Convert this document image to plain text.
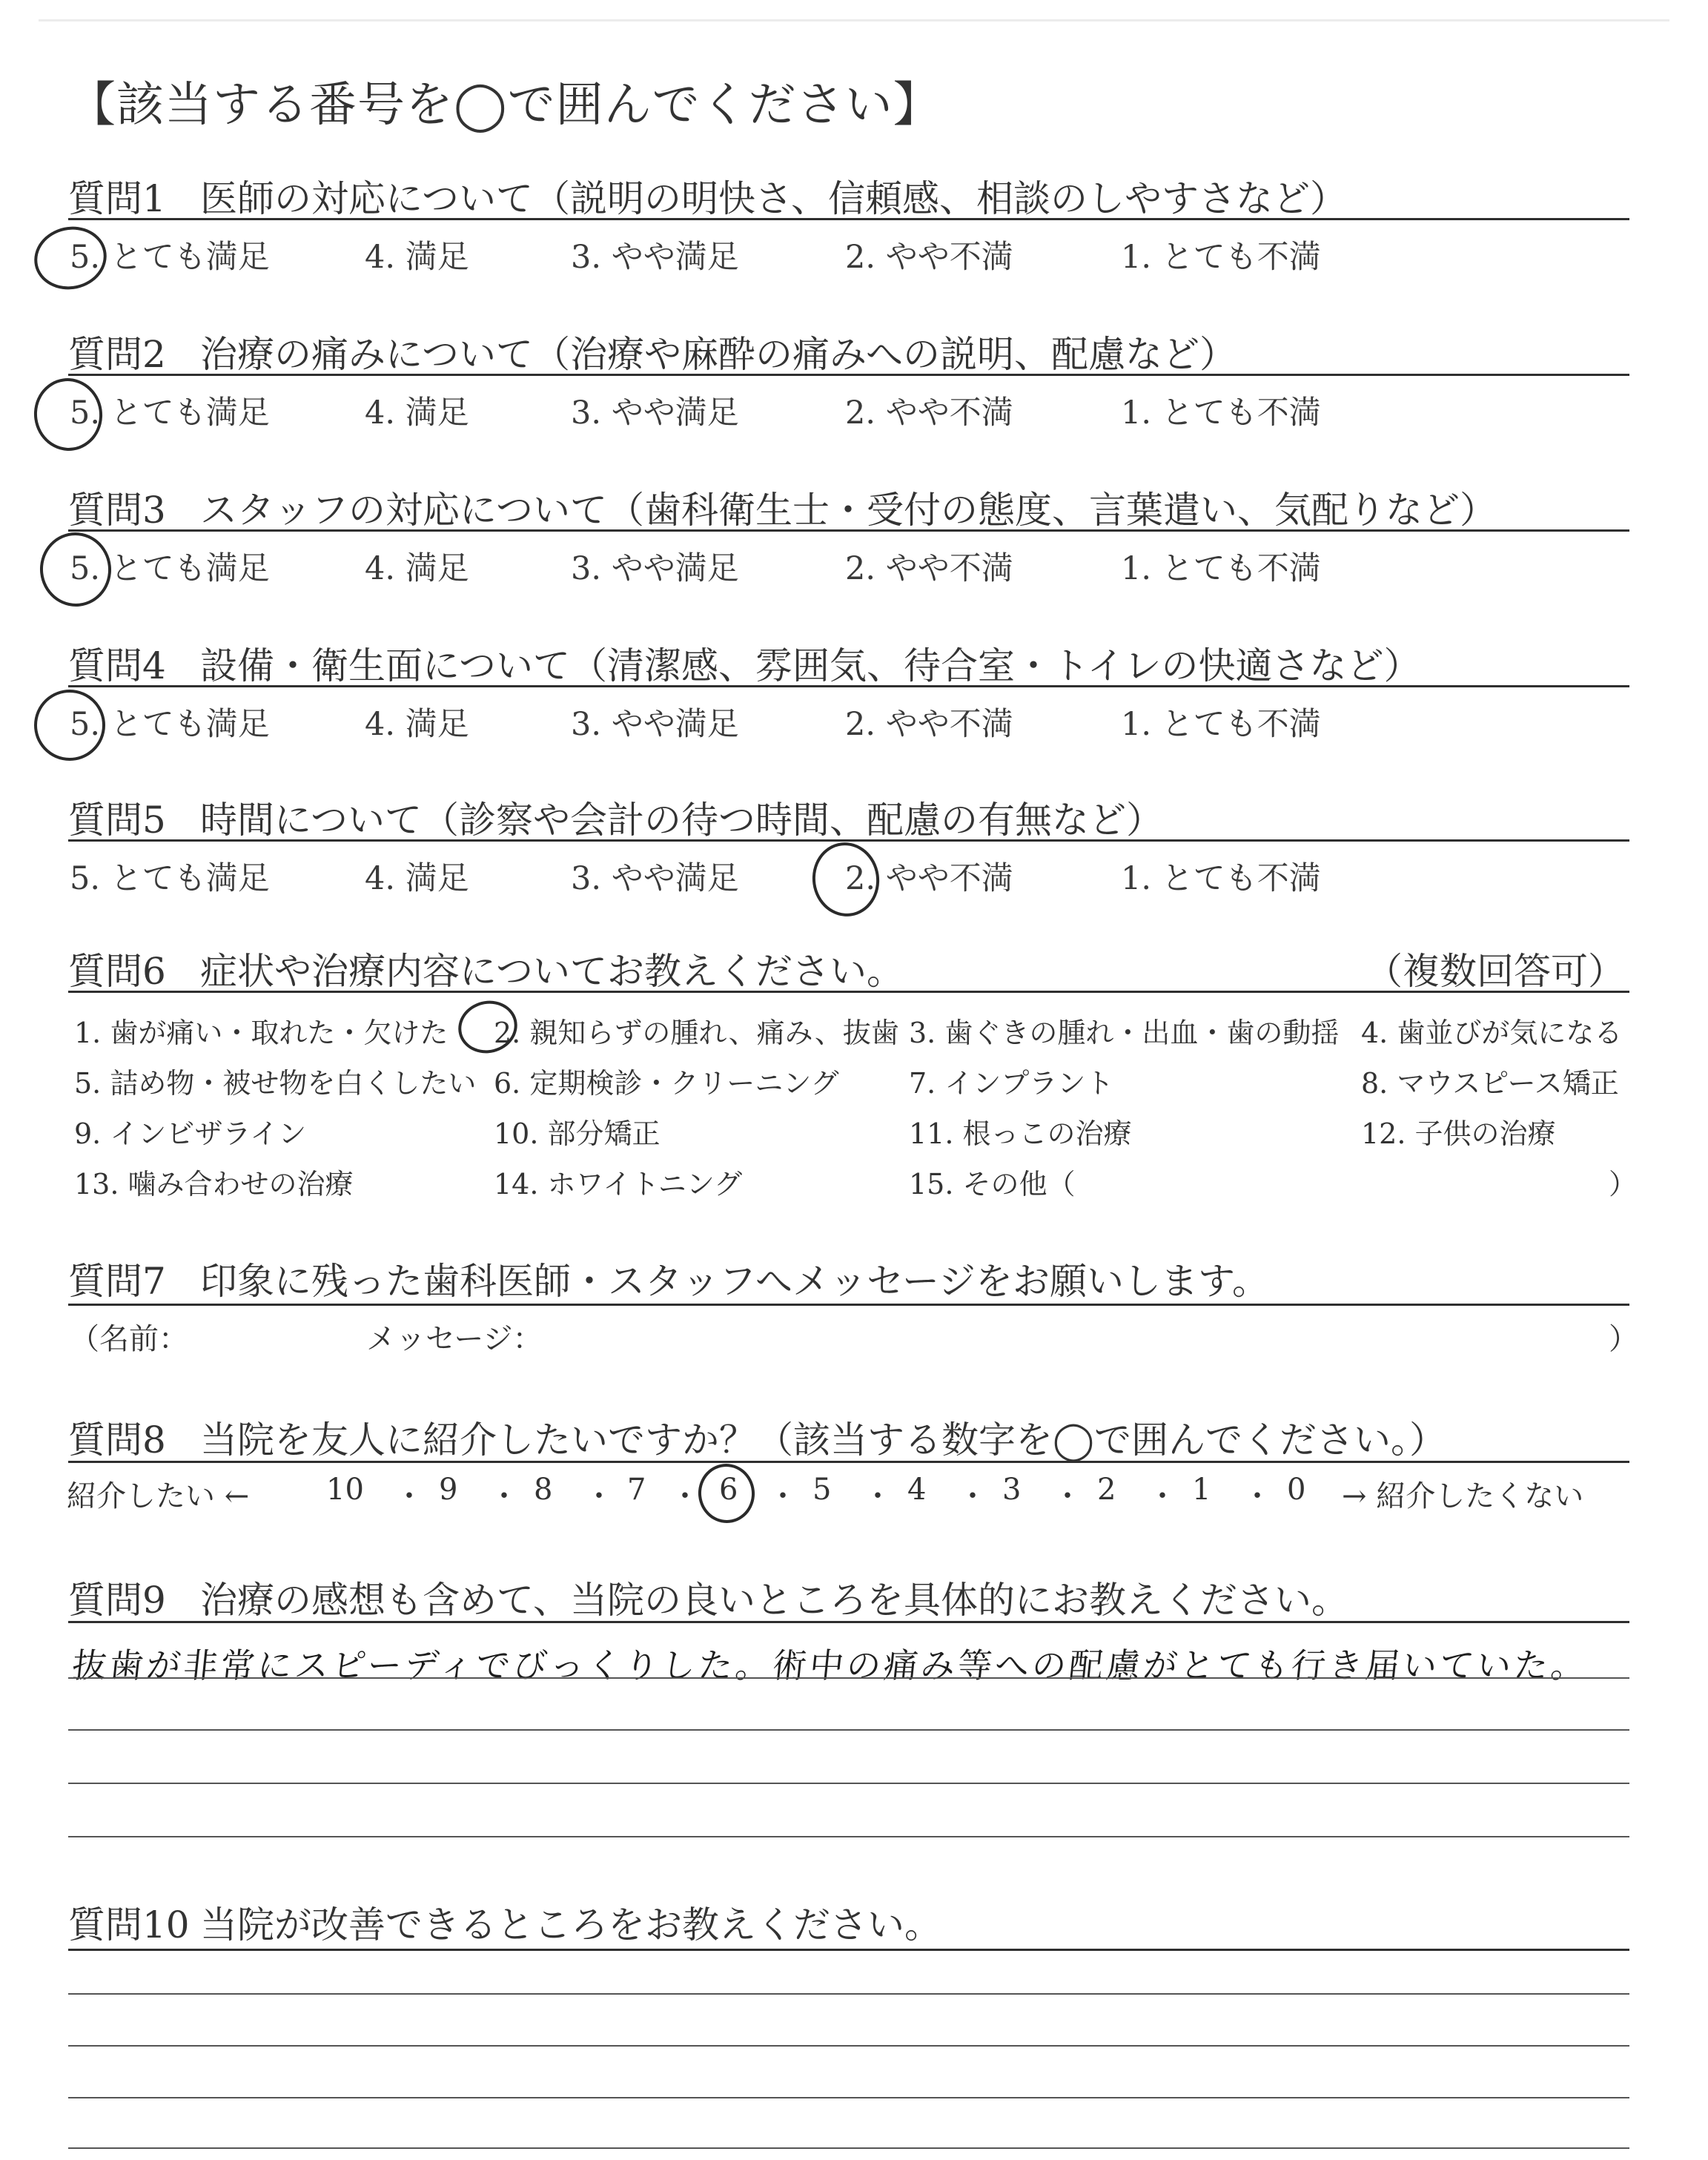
【該当する番号を◯で囲んでください】
質問1 医師の対応について（説明の明快さ、信頼感、相談のしやすさなど）
5. とても満足	4. 満足	3. やや満足	2. やや不満	1. とても不満
質問2 治療の痛みについて（治療や麻酔の痛みへの説明、配慮など）
5. とても満足	4. 満足	3. やや満足	2. やや不満	1. とても不満
質問3 スタッフの対応について（歯科衛生士・受付の態度、言葉遣い、気配りなど）
5. とても満足	4. 満足	3. やや満足	2. やや不満	1. とても不満
質問4 設備・衛生面について（清潔感、雰囲気、待合室・トイレの快適さなど）
5. とても満足	4. 満足	3. やや満足	2. やや不満	1. とても不満
質問5 時間について（診察や会計の待つ時間、配慮の有無など）
5. とても満足	4. 満足	3. やや満足	2. やや不満	1. とても不満
質問6 症状や治療内容についてお教えください。	（複数回答可）
1. 歯が痛い・取れた・欠けた 2. 親知らずの腫れ、痛み、抜歯 3. 歯ぐきの腫れ・出血・歯の動揺 4. 歯並びが気になる
5. 詰め物・被せ物を白くしたい 6. 定期検診・クリーニング 7. インプラント	8. マウスピース矯正
9. インビザライン	10. 部分矯正	11. 根っこの治療	12. 子供の治療
13. 噛み合わせの治療	14. ホワイトニング	15. その他（	）
質問7 印象に残った歯科医師・スタッフへメッセージをお願いします。
（名前：	メッセージ：	）
質問8 当院を友人に紹介したいですか？（該当する数字を◯で囲んでください。）
紹介したい ←	→ 紹介したくない
10 ・ 9 ・ 8 ・ 7 ・ 6 ・ 5 ・ 4 ・ 3 ・ 2 ・ 1 ・ 0
質問9 治療の感想も含めて、当院の良いところを具体的にお教えください。
抜歯が非常にスピーディでびっくりした。術中の痛み等への配慮がとても行き届いていた。
質問10 当院が改善できるところをお教えください。
